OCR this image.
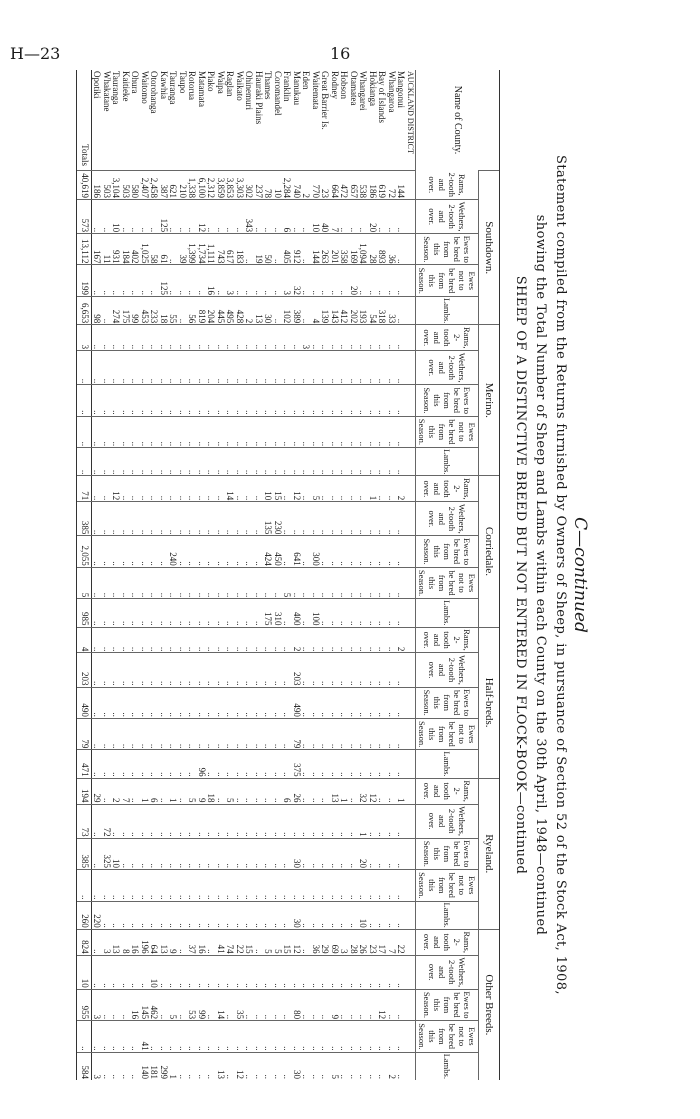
H—23	16
C—continued
Statement compiled from the Returns furnished by Owners of Sheep, in pursuance of Section 52 of the Stock Act, 1908,
showing the Total Number of Sheep and Lambs within each County on the 30th April, 1948—continued
SHEEP OF A DISTINCTIVE BREED BUT NOT ENTERED IN FLOCK-BOOK—continued
Name of County.	Southdown.					Merino.					Corriedale.					Half-breds.					Ryeland.					Other Breeds.				
	Rams, 2-tooth and over.	Wethers, 2-tooth and over.	Ewes to be bred from this Season.	Ewes not to be bred from this Season.	Lambs.	Rams, 2-tooth and over.	Wethers, 2-tooth and over.	Ewes to be bred from this Season.	Ewes not to be bred from this Season.	Lambs.	Rams, 2-tooth and over.	Wethers, 2-tooth and over.	Ewes to be bred from this Season.	Ewes not to be bred from this Season.	Lambs.	Rams, 2-tooth and over.	Wethers, 2-tooth and over.	Ewes to be bred from this Season.	Ewes not to be bred from this Season.	Lambs.	Rams, 2-tooth and over.	Wethers, 2-tooth and over.	Ewes to be bred from this Season.	Ewes not to be bred from this Season.	Lambs.	Rams, 2-tooth and over.	Wethers, 2-tooth and over.	Ewes to be bred from this Season.	Ewes not to be bred from this Season.	Lambs.
AUCKLAND DISTRICT																														
Mangonui	144	..	..	..	..	..	..	..	..	..	2	..	..	..	..	2	..	..	..	..	1	..	..	..	..	22	..	..	..	..
Whangaroa	72	..	36	..	33	..	..	..	..	..	..	..	..	..	..	..	..	..	..	..	..	..	..	..	..	7	..	..	..	2
Bay of Islands	619	..	893	..	318	..	..	..	..	..	..	..	..	..	..	..	..	..	..	..	..	..	..	..	..	17	..	12	..	..
Hokianga	186	20	28	..	54	..	..	..	..	..	1	..	..	..	..	..	..	..	..	..	12	..	..	..	..	23	..	..	..	..
Whangarei	538	..	1,094	..	193	..	..	..	..	..	..	..	..	..	..	..	..	..	..	..	32	1	20	..	10	26	..	..	..	..
Otamatea	657	..	169	20	202	..	..	..	..	..	..	..	..	..	..	..	..	..	..	..	..	..	..	..	..	28	..	..	..	..
Hobson	472	..	358	..	412	..	..	..	..	..	..	..	..	..	..	..	..	..	..	..	1	..	..	..	..	3	..	..	..	..
Rodney	664	7	201	..	143	..	..	..	..	..	..	..	..	..	..	..	..	..	..	..	13	..	..	..	..	69	..	9	..	5
Great Barrier Is.	23	40	263	..	139	..	..	..	..	..	..	..	..	..	..	..	..	..	..	..	..	..	..	..	..	29	..	..	..	..
Waitemata	770	10	144	..	4	..	..	..	..	..	5	..	300	..	100	..	..	..	..	..	..	..	..	..	..	36	..	..	..	..
Eden	2	..	..	..	..	3	..	..	..	..	..	..	..	..	..	..	..	..	..	..	..	..	..	..	..	..	..	..	..	..
Manukau	740	..	912	32	389	..	..	..	..	..	12	..	641	..	400	2	203	490	79	375	26	..	30	..	30	12	..	80	..	30
Franklin	2,284	6	405	3	102	..	..	..	..	..	..	..	..	5	..	..	..	..	..	..	6	..	..	..	..	15	..	..	..	..
Coromandel	10	..	..	..	..	..	..	..	..	..	15	230	450	..	310	..	..	..	..	..	..	..	..	..	..	5	..	..	..	..
Thames	78	..	50	..	30	..	..	..	..	..	10	135	424	..	175	..	..	..	..	..	..	..	..	..	..	5	..	..	..	..
Hauraki Plains	237	..	19	..	13	..	..	..	..	..	..	..	..	..	..	..	..	..	..	..	..	..	..	..	..	..	..	..	..	..
Ohinemuri	302	343	..	..	2	..	..	..	..	..	..	..	..	..	..	..	..	..	..	..	..	..	..	..	..	15	..	..	..	..
Waikato	3,303	..	183	..	428	..	..	..	..	..	..	..	..	..	..	..	..	..	..	..	..	..	..	..	..	22	..	35	..	12
Raglan	3,853	..	617	3	495	..	..	..	..	..	14	..	..	..	..	..	..	..	..	..	5	..	..	..	..	74	..	..	..	..
Waipa	3,859	..	743	..	445	..	..	..	..	..	..	..	..	..	..	..	..	..	..	..	..	..	..	..	..	41	..	14	..	13
Piako	2,312	..	1,111	16	204	..	..	..	..	..	..	..	..	..	..	..	..	..	..	..	18	..	..	..	..	..	..	..	..	..
Matamata	6,100	12	1,734	..	819	..	..	..	..	..	..	..	..	..	..	..	..	..	..	96	9	..	..	..	..	16	..	99	..	..
Rotorua	1,338	..	1,399	..	56	..	..	..	..	..	..	..	..	..	..	..	..	..	..	..	5	..	..	..	..	37	..	53	..	..
Taupo	210	..	39	..	..	..	..	..	..	..	..	..	..	..	..	..	..	..	..	..	..	..	..	..	..	..	..	..	..	..
Tauranga	621	..	..	..	55	..	..	..	..	..	..	..	240	..	..	..	..	..	..	..	1	..	..	..	..	9	..	5	..	1
Kawhia	387	125	61	125	18	..	..	..	..	..	..	..	..	..	..	..	..	..	..	..	..	..	..	..	..	13	..	..	..	299
Otorohanga	2,458	..	58	..	233	..	..	..	..	..	..	..	..	..	..	..	..	..	..	..	6	..	..	..	..	64	10	462	..	181
Waitomo	2,407	..	1,025	..	453	..	..	..	..	..	..	..	..	..	..	..	..	..	..	..	1	..	..	..	..	196	..	145	41	140
Ohura	580	..	402	..	99	..	..	..	..	..	..	..	..	..	..	..	..	..	..	..	..	..	..	..	..	16	..	16	..	..
Kaitieke	503	..	184	..	175	..	..	..	..	..	..	..	..	..	..	..	..	..	..	..	7	..	..	..	..	8	..	..	..	..
Tauranga	3,104	10	931	..	274	..	..	..	..	..	12	..	..	..	..	..	..	..	..	..	2	..	10	..	..	13	..	..	..	..
Whakatane	503	..	11	..	..	..	..	..	..	..	..	..	..	..	..	..	..	..	..	..	..	72	325	..	..	3	..	..	..	..
Opotiki	186	..	167	..	98	..	..	..	..	..	..	..	..	..	..	..	..	..	..	..	29	..	..	..	220	..	..	3	..	3
Totals	40,619	573	13,112	199	6,653	3	..	..	..	..	71	385	2,055	5	985	4	203	490	79	471	194	73	385	..	260	824	10	955	..	584
